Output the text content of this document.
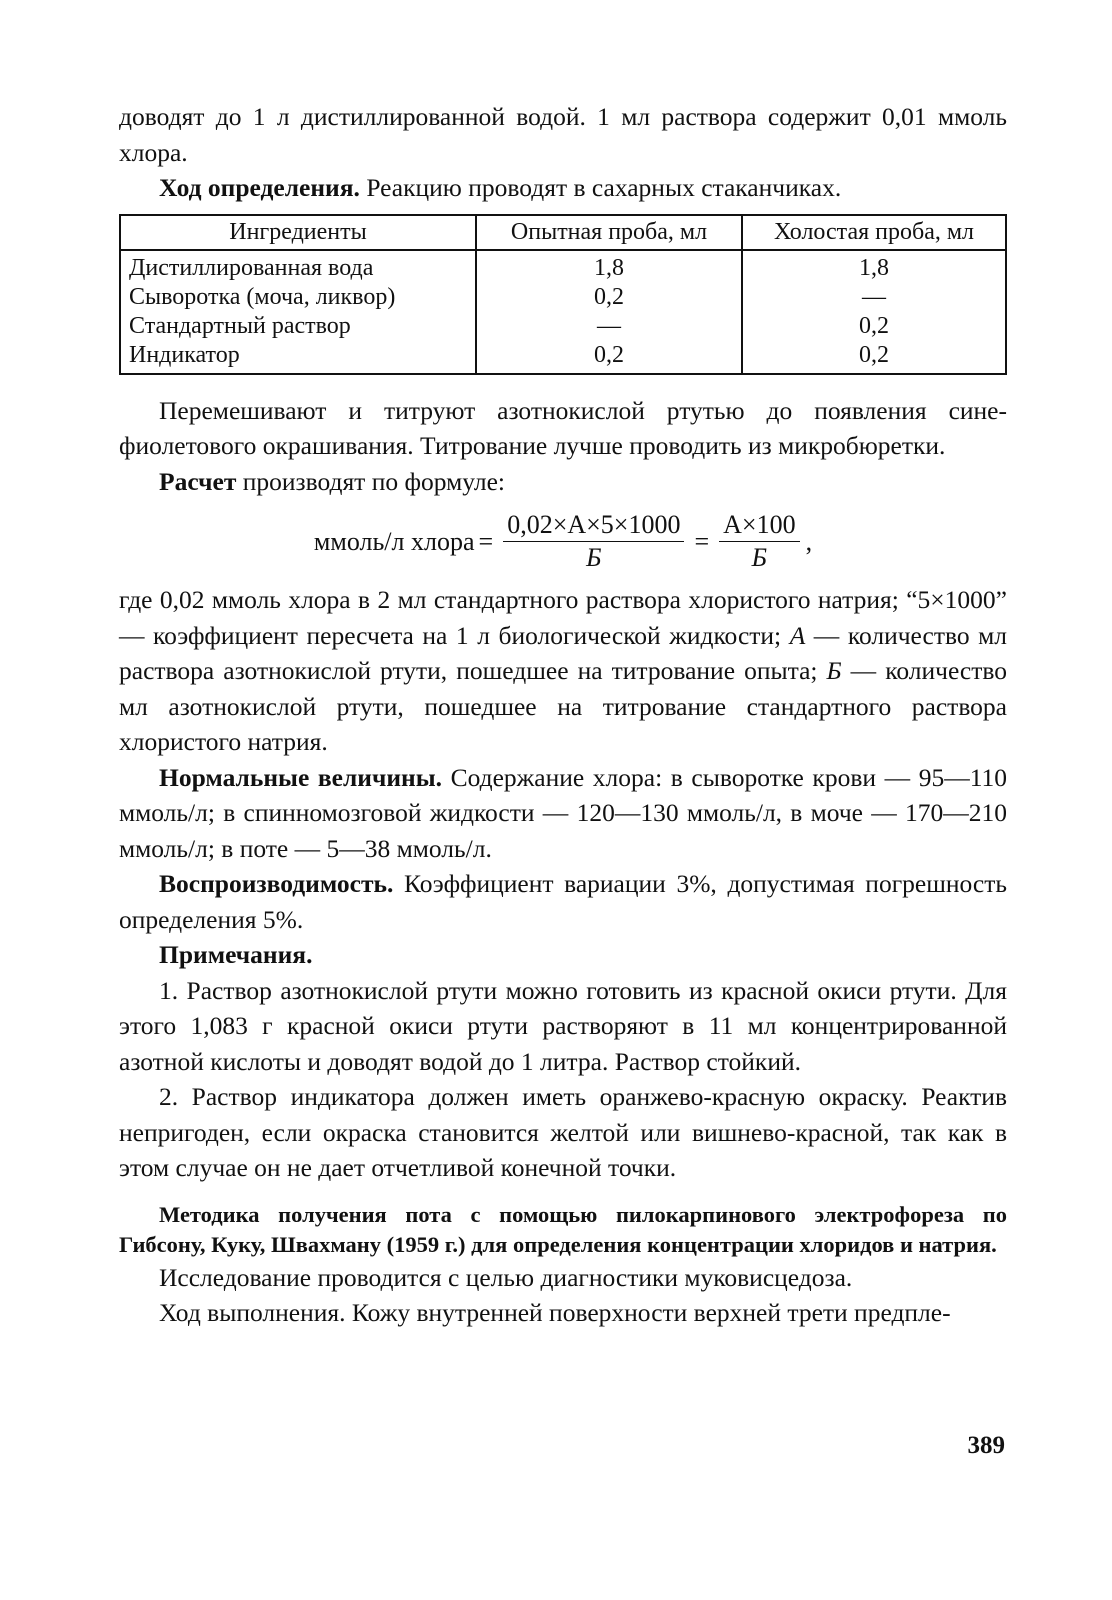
доводят до 1 л дистиллированной водой. 1 мл раствора содержит 0,01 ммоль хлора.

Ход определения. Реакцию проводят в сахарных стаканчиках.

Ингредиенты	Опытная проба, мл	Холостая проба, мл
Дистиллированная вода	1,8	1,8
Сыворотка (моча, ликвор)	0,2	—
Стандартный раствор	—	0,2
Индикатор	0,2	0,2

Перемешивают и титруют азотнокислой ртутью до появления сине-фиолетового окрашивания. Титрование лучше проводить из микробюретки.

Расчет производят по формуле:

ммоль/л хлора = $\frac{0,02\times A\times 5\times 1000}{Б} = \frac{A\times 100}{Б}$ ,

где 0,02 ммоль хлора в 2 мл стандартного раствора хлористого натрия; “5×1000” — коэффициент пересчета на 1 л биологической жидкости; A — количество мл раствора азотнокислой ртути, пошедшее на титрование опыта; Б — количество мл азотнокислой ртути, пошедшее на титрование стандартного раствора хлористого натрия.

Нормальные величины. Содержание хлора: в сыворотке крови — 95—110 ммоль/л; в спинномозговой жидкости — 120—130 ммоль/л, в моче — 170—210 ммоль/л; в поте — 5—38 ммоль/л.

Воспроизводимость. Коэффициент вариации 3%, допустимая погрешность определения 5%.

Примечания.

1. Раствор азотнокислой ртути можно готовить из красной окиси ртути. Для этого 1,083 г красной окиси ртути растворяют в 11 мл концентрированной азотной кислоты и доводят водой до 1 литра. Раствор стойкий.

2. Раствор индикатора должен иметь оранжево-красную окраску. Реактив непригоден, если окраска становится желтой или вишнево-красной, так как в этом случае он не дает отчетливой конечной точки.

Методика получения пота с помощью пилокарпинового электрофореза по Гибсону, Куку, Швахману (1959 г.) для определения концентрации хлоридов и натрия.

Исследование проводится с целью диагностики муковисцедоза.

Ход выполнения. Кожу внутренней поверхности верхней трети предпле-

389
